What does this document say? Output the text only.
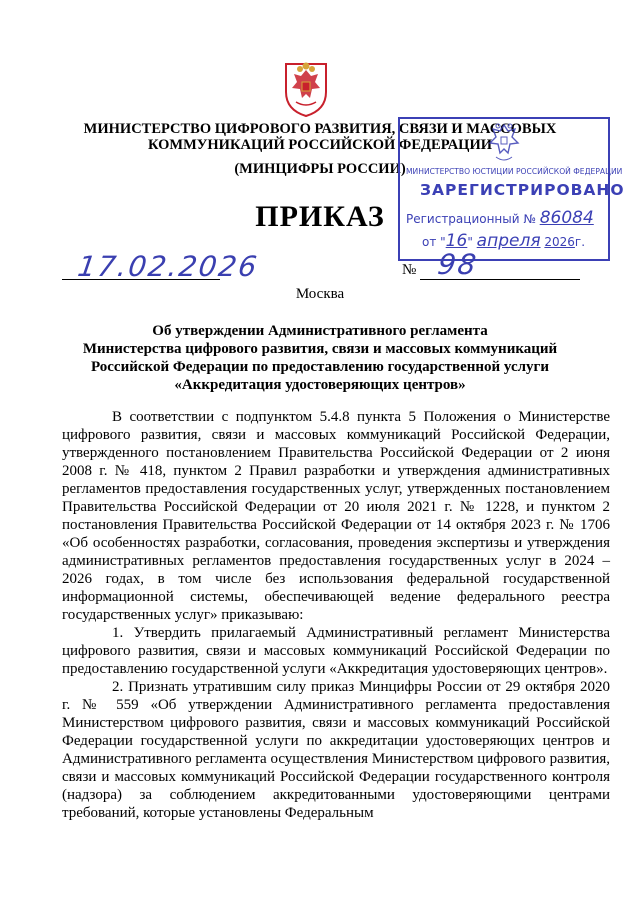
МИНИСТЕРСТВО ЦИФРОВОГО РАЗВИТИЯ, СВЯЗИ И МАССОВЫХ
КОММУНИКАЦИЙ РОССИЙСКОЙ ФЕДЕРАЦИИ
(МИНЦИФРЫ РОССИИ)
ПРИКАЗ
МИНИСТЕРСТВО ЮСТИЦИИ РОССИЙСКОЙ ФЕДЕРАЦИИ
ЗАРЕГИСТРИРОВАНО
Регистрационный № 86084
от "16" апреля 2026г.
17.02.2026	№ 98
Москва
Об утверждении Административного регламента
Министерства цифрового развития, связи и массовых коммуникаций
Российской Федерации по предоставлению государственной услуги
«Аккредитация удостоверяющих центров»

В соответствии с подпунктом 5.4.8 пункта 5 Положения о Министерстве цифрового развития, связи и массовых коммуникаций Российской Федерации, утвержденного постановлением Правительства Российской Федерации от 2 июня 2008 г. № 418, пунктом 2 Правил разработки и утверждения административных регламентов предоставления государственных услуг, утвержденных постановлением Правительства Российской Федерации от 20 июля 2021 г. № 1228, и пунктом 2 постановления Правительства Российской Федерации от 14 октября 2023 г. № 1706 «Об особенностях разработки, согласования, проведения экспертизы и утверждения административных регламентов предоставления государственных услуг в 2024 – 2026 годах, в том числе без использования федеральной государственной информационной системы, обеспечивающей ведение федерального реестра государственных услуг» приказываю:

1. Утвердить прилагаемый Административный регламент Министерства цифрового развития, связи и массовых коммуникаций Российской Федерации по предоставлению государственной услуги «Аккредитация удостоверяющих центров».

2. Признать утратившим силу приказ Минцифры России от 29 октября 2020 г. № 559 «Об утверждении Административного регламента предоставления Министерством цифрового развития, связи и массовых коммуникаций Российской Федерации государственной услуги по аккредитации удостоверяющих центров и Административного регламента осуществления Министерством цифрового развития, связи и массовых коммуникаций Российской Федерации государственного контроля (надзора) за соблюдением аккредитованными удостоверяющими центрами требований, которые установлены Федеральным
